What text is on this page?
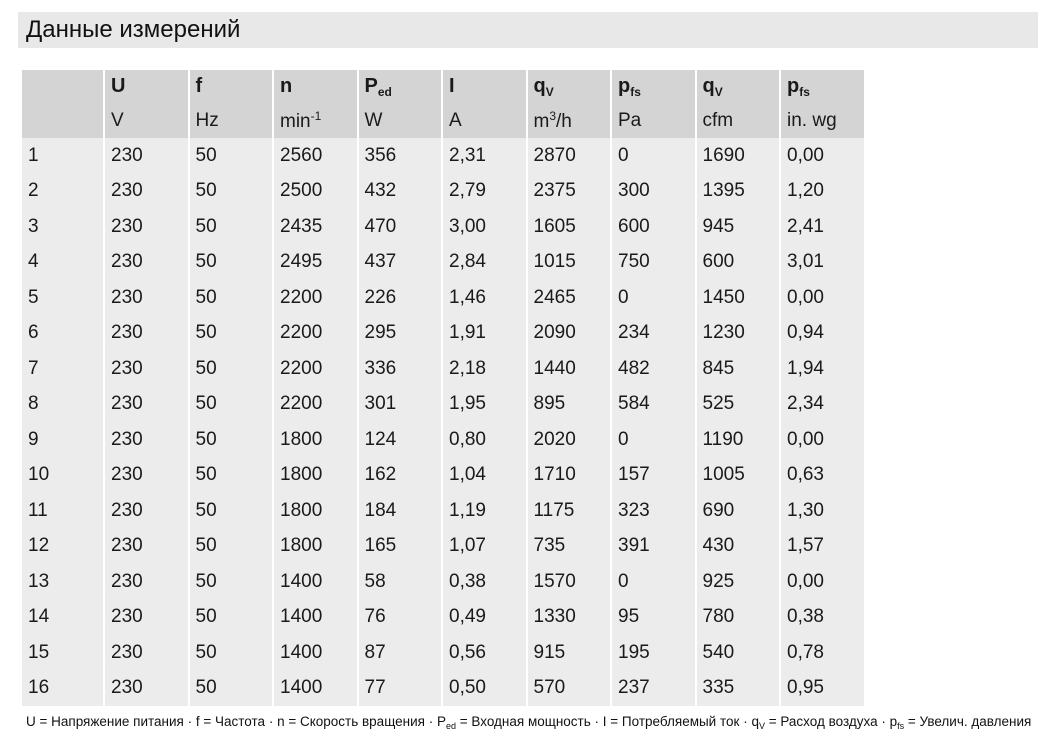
Данные измерений
	U	f	n	$P_{ed}$	I	$q_V$	$p_{fs}$	$q_V$	$p_{fs}$
	V	Hz	$\min^{-1}$	W	A	$m^3/h$	Pa	cfm	in. wg
1	230	50	2560	356	2,31	2870	0	1690	0,00
2	230	50	2500	432	2,79	2375	300	1395	1,20
3	230	50	2435	470	3,00	1605	600	945	2,41
4	230	50	2495	437	2,84	1015	750	600	3,01
5	230	50	2200	226	1,46	2465	0	1450	0,00
6	230	50	2200	295	1,91	2090	234	1230	0,94
7	230	50	2200	336	2,18	1440	482	845	1,94
8	230	50	2200	301	1,95	895	584	525	2,34
9	230	50	1800	124	0,80	2020	0	1190	0,00
10	230	50	1800	162	1,04	1710	157	1005	0,63
11	230	50	1800	184	1,19	1175	323	690	1,30
12	230	50	1800	165	1,07	735	391	430	1,57
13	230	50	1400	58	0,38	1570	0	925	0,00
14	230	50	1400	76	0,49	1330	95	780	0,38
15	230	50	1400	87	0,56	915	195	540	0,78
16	230	50	1400	77	0,50	570	237	335	0,95
U = Напряжение питания · f = Частота · n = Скорость вращения · $P_{ed}$ = Входная мощность · I = Потребляемый ток · $q_V$ = Расход воздуха · $p_{fs}$ = Увелич. давления
